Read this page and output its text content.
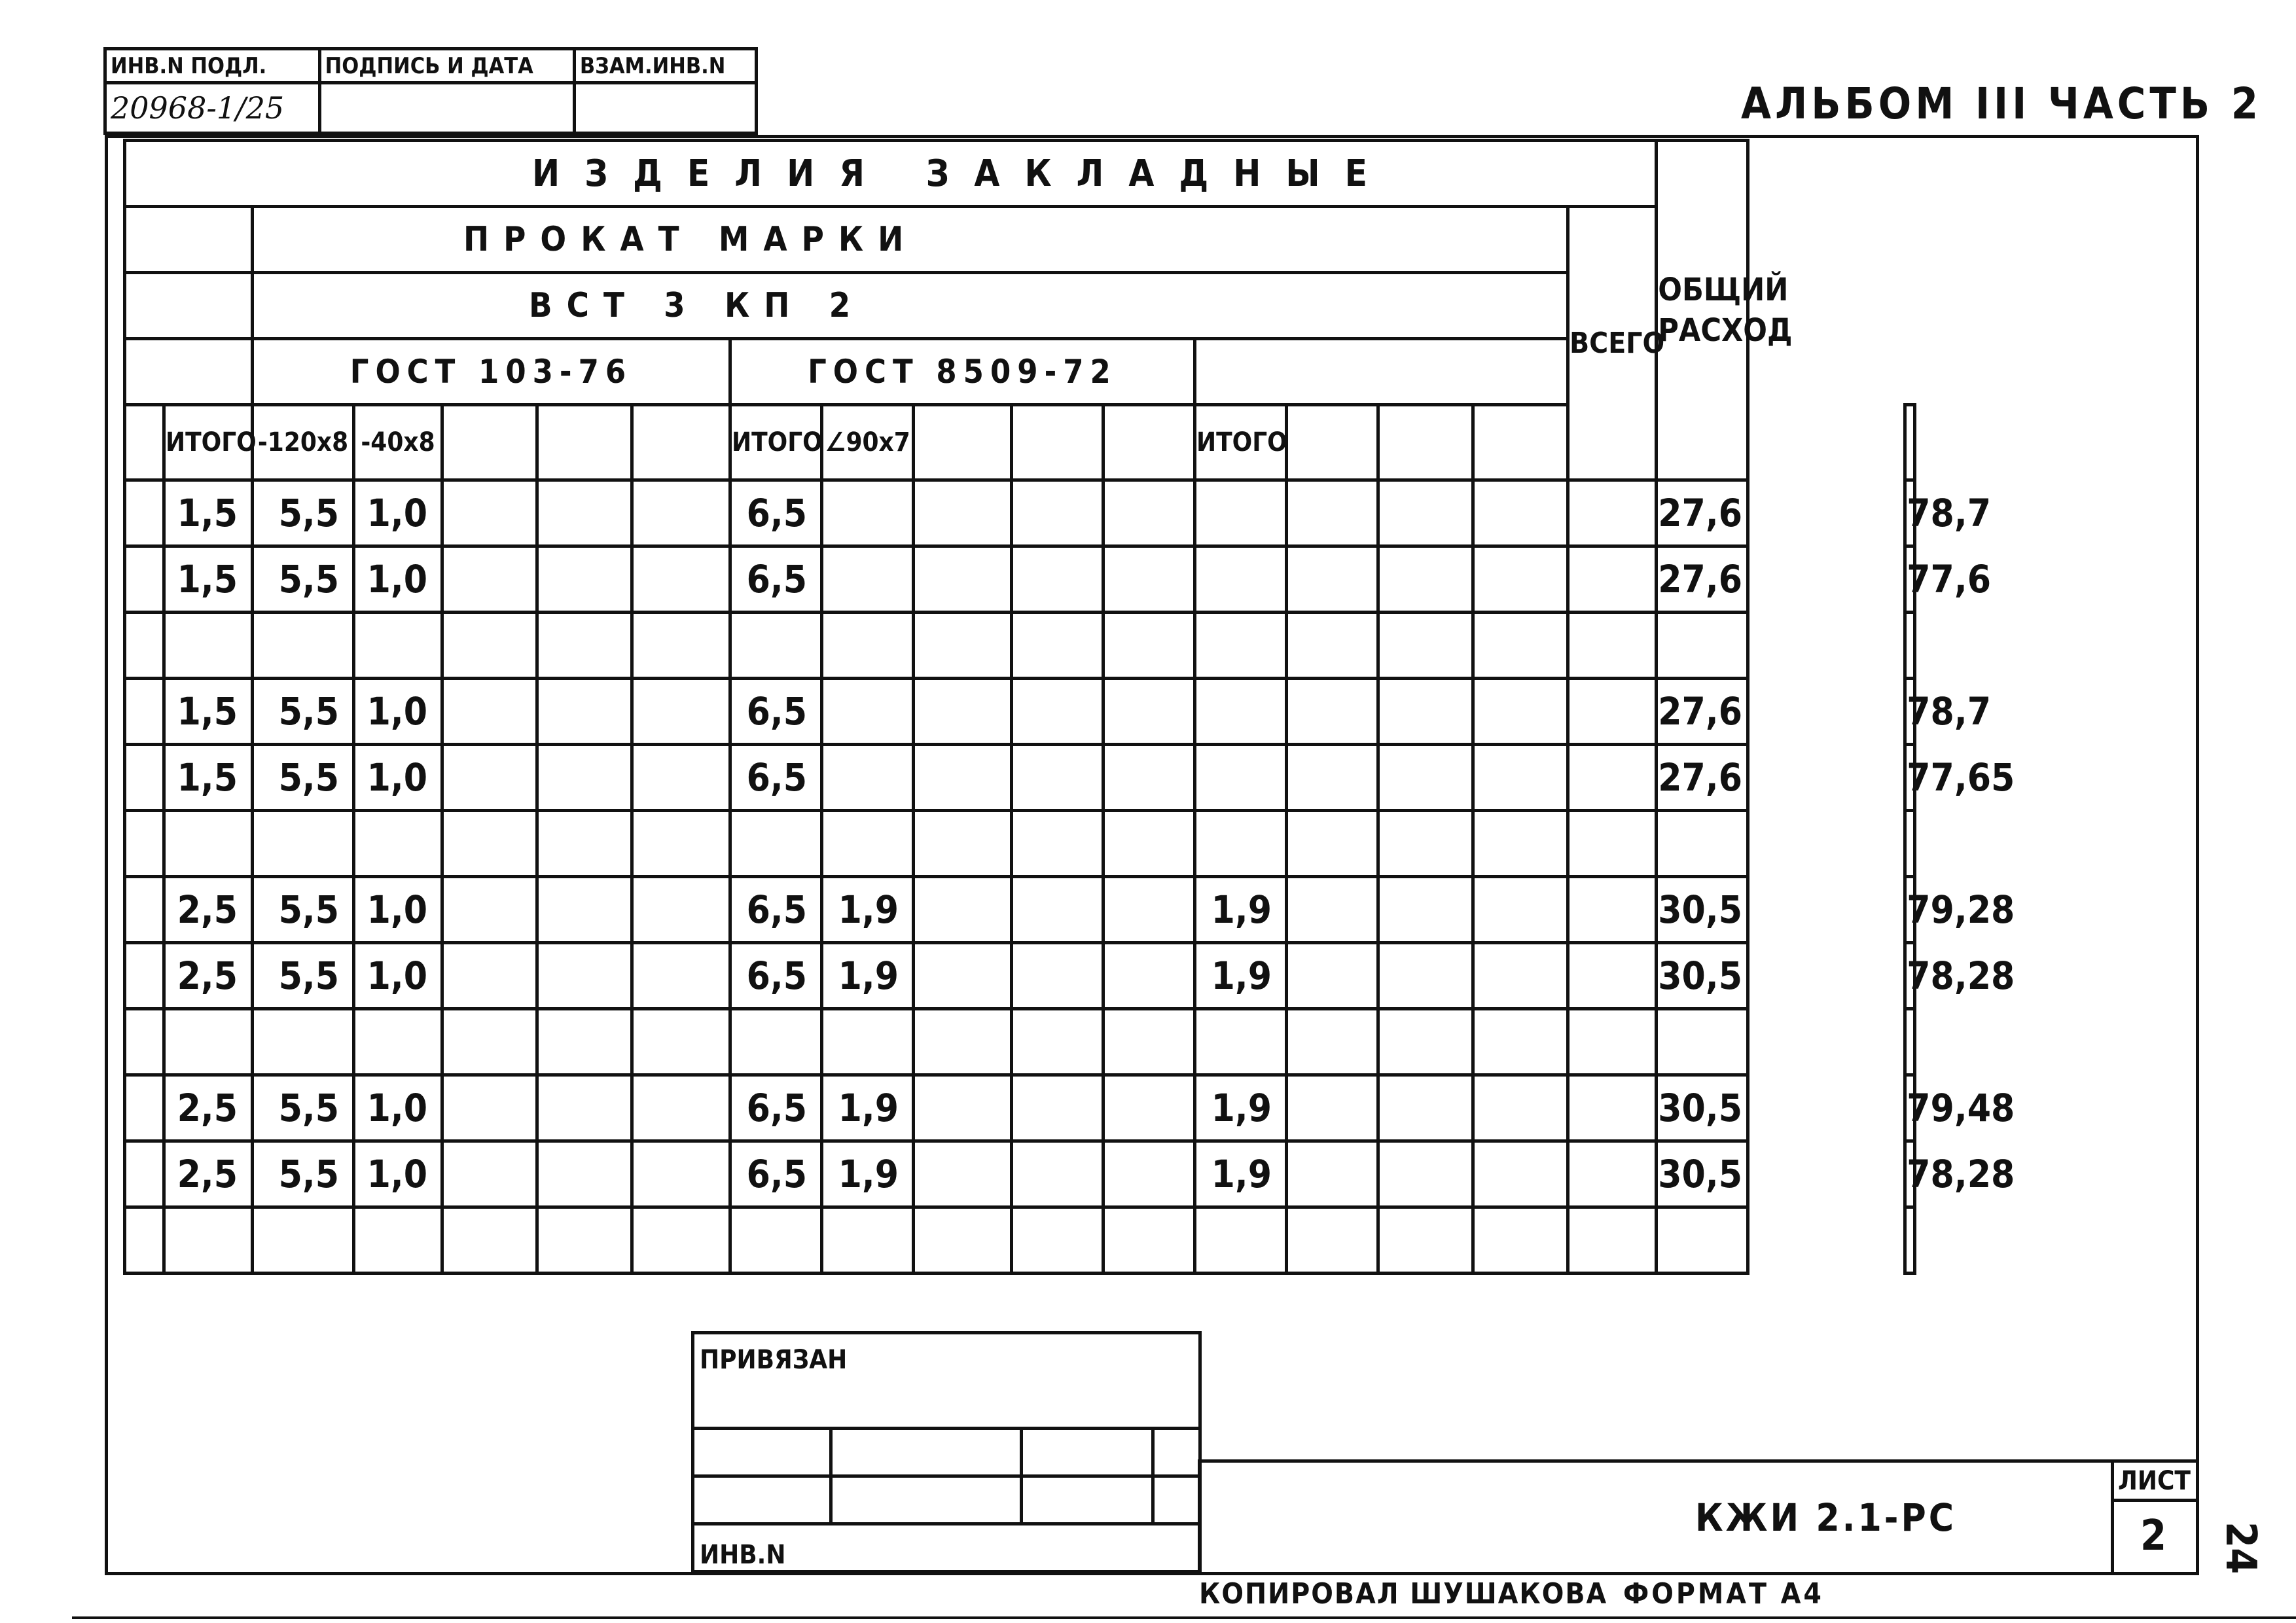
ИНВ.N ПОДЛ.	ПОДПИСЬ И ДАТА	ВЗАМ.ИНВ.N
20968-1/25			АЛЬБОМ III ЧАСТЬ 2
ИЗДЕЛИЯ ЗАКЛАДНЫЕ																	ОБЩИЙ РАСХОД		
		ПРОКАТ МАРКИ														ВСЕГО			
		ВСТ 3 КП 2																	
		ГОСТ 103-76					ГОСТ 8509-72												
	ИТОГО	-120x8	-40x8				ИТОГО	∠90x7				ИТОГО							
	1,5	5,5	1,0				6,5										27,6		78,7
	1,5	5,5	1,0				6,5										27,6		77,6

	1,5	5,5	1,0				6,5										27,6		78,7
	1,5	5,5	1,0				6,5										27,6		77,65

	2,5	5,5	1,0				6,5	1,9				1,9					30,5		79,28
	2,5	5,5	1,0				6,5	1,9				1,9					30,5		78,28

	2,5	5,5	1,0				6,5	1,9				1,9					30,5		79,48
	2,5	5,5	1,0				6,5	1,9				1,9					30,5		78,28

ПРИВЯЗАН			

ИНВ.N			
КЖИ 2.1-РС
ЛИСТ
2 24
КОПИРОВАЛ ШУШАКОВА ФОРМАТ А4
